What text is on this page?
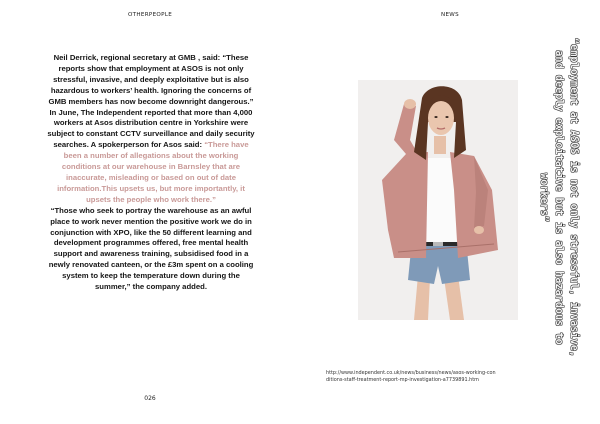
OTHERPEOPLE

Neil Derrick, regional secretary at GMB , said: “These reports show that employment at ASOS is not only stressful, invasive, and deeply exploitative but is also hazardous to workers’ health. Ignoring the concerns of GMB members has now become downright dangerous.”

In June, The Independent reported that more than 4,000 workers at Asos distribution centre in Yorkshire were subject to constant CCTV surveillance and daily security searches. A spokerperson for Asos said: “There have been a number of allegations about the working conditions at our warehouse in Barnsley that are inaccurate, misleading or based on out of date information.This upsets us, but more importantly, it upsets the people who work there.”

“Those who seek to portray the warehouse as an awful place to work never mention the positive work we do in conjunction with XPO, like the 50 different learning and development programmes offered, free mental health support and awareness training, subsidised food in a newly renovated canteen, or the £3m spent on a cooling system to keep the temperature down during the summer,” the company added.

026
NEWS
http://www.independent.co.uk/news/business/news/asos-working-conditions-staff-treatment-report-mp-investigation-a7739891.htm
“employment at ASOS is not only stressful, invasive, and deeply exploitative but is also hazardous to workers”
